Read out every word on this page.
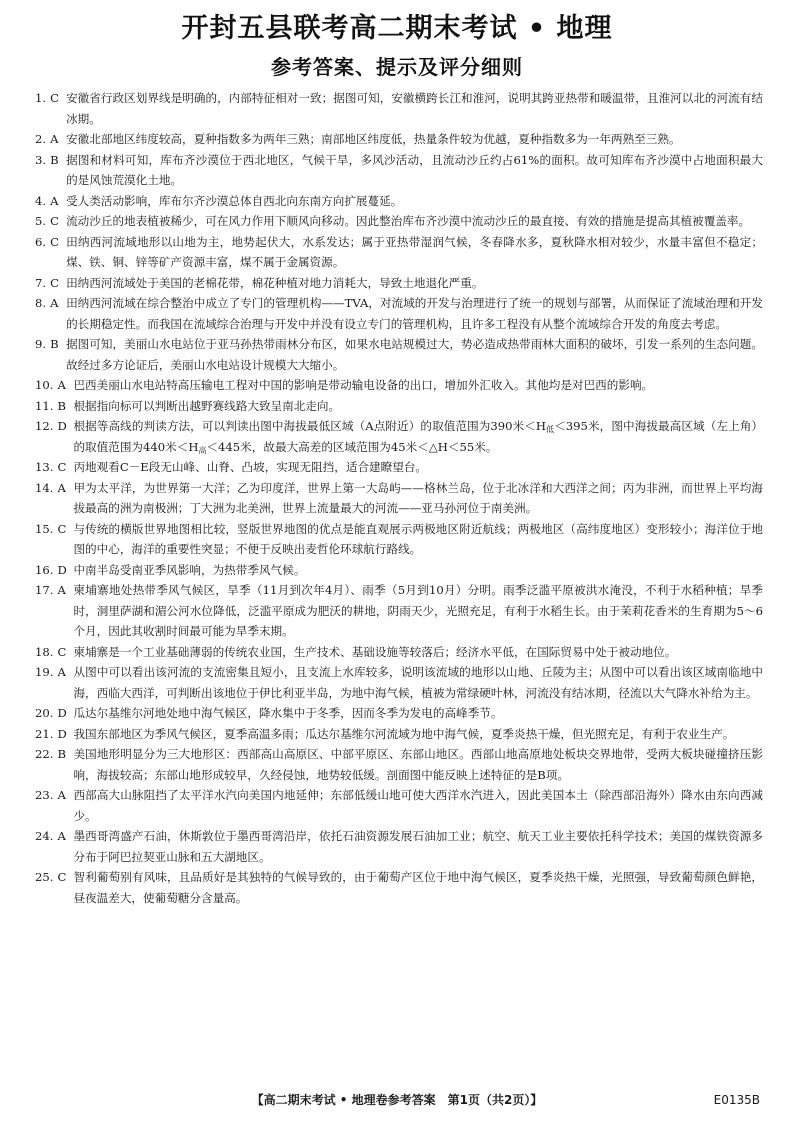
开封五县联考高二期末考试 • 地理
参考答案、提示及评分细则
1. C 安徽省行政区划界线是明确的，内部特征相对一致；据图可知，安徽横跨长江和淮河，说明其跨亚热带和暖温带，且淮河以北的河流有结冰期。
2. A 安徽北部地区纬度较高，夏种指数多为两年三熟；南部地区纬度低，热量条件较为优越，夏种指数多为一年两熟至三熟。
3. B 据图和材料可知，库布齐沙漠位于西北地区，气候干旱，多风沙活动，且流动沙丘约占61%的面积。故可知库布齐沙漠中占地面积最大的是风蚀荒漠化土地。
4. A 受人类活动影响，库布尔齐沙漠总体自西北向东南方向扩展蔓延。
5. C 流动沙丘的地表植被稀少，可在风力作用下顺风向移动。因此整治库布齐沙漠中流动沙丘的最直接、有效的措施是提高其植被覆盖率。
6. C 田纳西河流域地形以山地为主，地势起伏大，水系发达；属于亚热带湿润气候，冬春降水多，夏秋降水相对较少，水量丰富但不稳定；煤、铁、铜、锌等矿产资源丰富，煤不属于金属资源。
7. C 田纳西河流域处于美国的老棉花带，棉花种植对地力消耗大，导致土地退化严重。
8. A 田纳西河流域在综合整治中成立了专门的管理机构——TVA，对流域的开发与治理进行了统一的规划与部署，从而保证了流域治理和开发的长期稳定性。而我国在流域综合治理与开发中并没有设立专门的管理机构，且许多工程没有从整个流域综合开发的角度去考虑。
9. B 据图可知，美丽山水电站位于亚马孙热带雨林分布区，如果水电站规模过大，势必造成热带雨林大面积的破坏，引发一系列的生态问题。故经过多方论证后，美丽山水电站设计规模大大缩小。
10. A 巴西美丽山水电站特高压输电工程对中国的影响是带动输电设备的出口，增加外汇收入。其他均是对巴西的影响。
11. B 根据指向标可以判断出越野赛线路大致呈南北走向。
12. D 根据等高线的判读方法，可以判读出图中海拔最低区域（A点附近）的取值范围为390米$<H_低<395$米，图中海拔最高区域（左上角）的取值范围为440米$<H_高<445$米，故最大高差的区域范围为45米＜△H＜55米。
13. C 丙地观看C－E段无山峰、山脊、凸坡，实现无阻挡，适合建瞭望台。
14. A 甲为太平洋，为世界第一大洋；乙为印度洋，世界上第一大岛屿——格林兰岛，位于北冰洋和大西洋之间；丙为非洲，而世界上平均海拔最高的洲为南极洲；丁大洲为北美洲，世界上流量最大的河流——亚马孙河位于南美洲。
15. C 与传统的横版世界地图相比较，竖版世界地图的优点是能直观展示两极地区附近航线；两极地区（高纬度地区）变形较小；海洋位于地图的中心，海洋的重要性突显；不便于反映出麦哲伦环球航行路线。
16. D 中南半岛受南亚季风影响，为热带季风气候。
17. A 柬埔寨地处热带季风气候区，旱季（11月到次年4月）、雨季（5月到10月）分明。雨季泛滥平原被洪水淹没，不利于水稻种植；旱季时，洞里萨湖和湄公河水位降低，泛滥平原成为肥沃的耕地，阴雨天少，光照充足，有利于水稻生长。由于茉莉花香米的生育期为5～6个月，因此其收割时间最可能为旱季末期。
18. C 柬埔寨是一个工业基础薄弱的传统农业国，生产技术、基础设施等较落后；经济水平低，在国际贸易中处于被动地位。
19. A 从图中可以看出该河流的支流密集且短小，且支流上水库较多，说明该流域的地形以山地、丘陵为主；从图中可以看出该区域南临地中海，西临大西洋，可判断出该地位于伊比利亚半岛，为地中海气候，植被为常绿硬叶林，河流没有结冰期，径流以大气降水补给为主。
20. D 瓜达尔基维尔河地处地中海气候区，降水集中于冬季，因而冬季为发电的高峰季节。
21. D 我国东部地区为季风气候区，夏季高温多雨；瓜达尔基维尔河流域为地中海气候，夏季炎热干燥，但光照充足，有利于农业生产。
22. B 美国地形明显分为三大地形区：西部高山高原区、中部平原区、东部山地区。西部山地高原地处板块交界地带，受两大板块碰撞挤压影响，海拔较高；东部山地形成较早，久经侵蚀，地势较低缓。剖面图中能反映上述特征的是B项。
23. A 西部高大山脉阻挡了太平洋水汽向美国内地延伸；东部低缓山地可使大西洋水汽进入，因此美国本土（除西部沿海外）降水由东向西减少。
24. A 墨西哥湾盛产石油，休斯敦位于墨西哥湾沿岸，依托石油资源发展石油加工业；航空、航天工业主要依托科学技术；美国的煤铁资源多分布于阿巴拉契亚山脉和五大湖地区。
25. C 智利葡萄别有风味，且品质好是其独特的气候导致的，由于葡萄产区位于地中海气候区，夏季炎热干燥，光照强，导致葡萄颜色鲜艳，昼夜温差大，使葡萄糖分含量高。
【高二期末考试 • 地理卷参考答案　第1页（共2页）】	E0135B
